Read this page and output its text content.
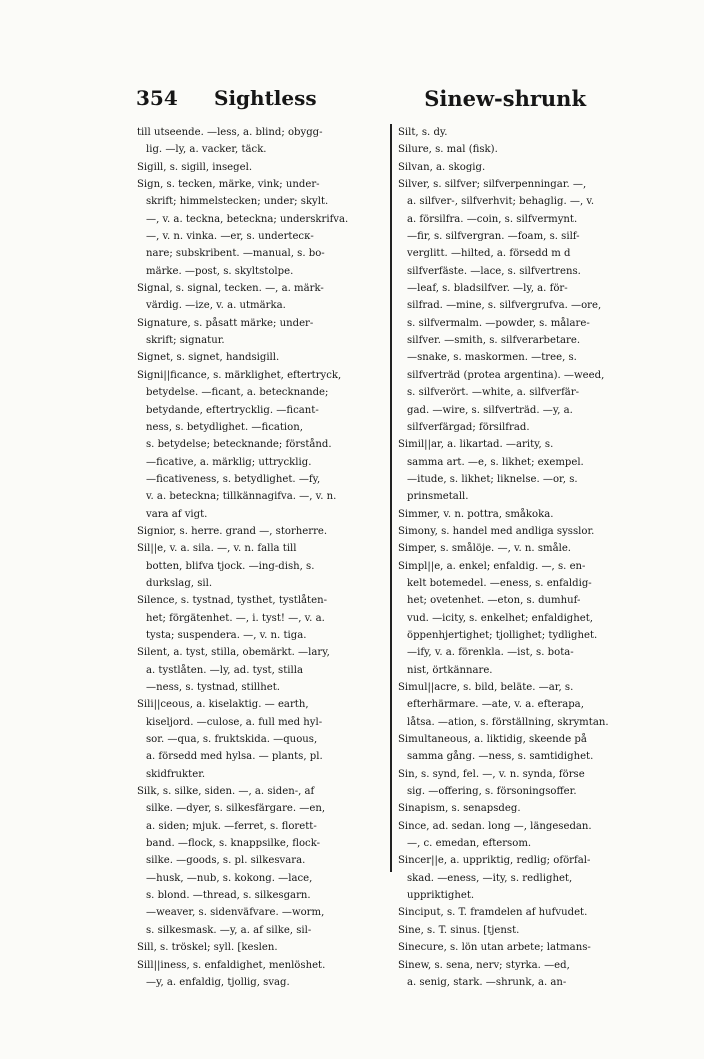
354 Sightless	Sinew-shrunk
till utseende. —less, a. blind; obygg-
lig. —ly, a. vacker, täck.
Sigill, s. sigill, insegel.
Sign, s. tecken, märke, vink; under-
skrift; himmelstecken; under; skylt.
—, v. a. teckna, beteckna; underskrifva.
—, v. n. vinka. —er, s. undertecк-
nare; subskribent. —manual, s. bo-
märke. —post, s. skyltstolpe.
Signal, s. signal, tecken. —, a. märk-
värdig. —ize, v. a. utmärka.
Signature, s. påsatt märke; under-
skrift; signatur.
Signet, s. signet, handsigill.
Signi||ficance, s. märklighet, eftertryck,
betydelse. —ficant, a. betecknande;
betydande, eftertrycklig. —ficant-
ness, s. betydlighet. —fication,
s. betydelse; betecknande; förstånd.
—ficative, a. märklig; uttrycklig.
—ficativeness, s. betydlighet. —fy,
v. a. beteckna; tillkännagifva. —, v. n.
vara af vigt.
Signior, s. herre. grand —, storherre.
Sil||e, v. a. sila. —, v. n. falla till
botten, blifva tjock. —ing-dish, s.
durkslag, sil.
Silence, s. tystnad, tysthet, tystlåten-
het; förgätenhet. —, i. tyst! —, v. a.
tysta; suspendera. —, v. n. tiga.
Silent, a. tyst, stilla, obemärkt. —lary,
a. tystlåten. —ly, ad. tyst, stilla
—ness, s. tystnad, stillhet.
Sili||ceous, a. kiselaktig. — earth,
kiseljord. —culose, a. full med hyl-
sor. —qua, s. fruktskida. —quous,
a. försedd med hylsa. — plants, pl.
skidfrukter.
Silk, s. silke, siden. —, a. siden-, af
silke. —dyer, s. silkesfärgare. —en,
a. siden; mjuk. —ferret, s. florett-
band. —flock, s. knappsilke, flock-
silke. —goods, s. pl. silkesvara.
—husk, —nub, s. kokong. —lace,
s. blond. —thread, s. silkesgarn.
—weaver, s. sidenväfvare. —worm,
s. silkesmask. —y, a. af silke, sil-
Sill, s. tröskel; syll. [keslen.
Sill||iness, s. enfaldighet, menlöshet.
—y, a. enfaldig, tjollig, svag.
Silt, s. dy.
Silure, s. mal (fisk).
Silvan, a. skogig.
Silver, s. silfver; silfverpenningar. —,
a. silfver-, silfverhvit; behaglig. —, v.
a. försilfra. —coin, s. silfvermynt.
—fir, s. silfvergran. —foam, s. silf-
verglitt. —hilted, a. försedd m d
silfverfäste. —lace, s. silfvertrens.
—leaf, s. bladsilfver. —ly, a. för-
silfrad. —mine, s. silfvergrufva. —ore,
s. silfvermalm. —powder, s. målare-
silfver. —smith, s. silfverarbetare.
—snake, s. maskormen. —tree, s.
silfverträd (protea argentina). —weed,
s. silfverört. —white, a. silfverfär-
gad. —wire, s. silfverträd. —y, a.
silfverfärgad; försilfrad.
Simil||ar, a. likartad. —arity, s.
samma art. —e, s. likhet; exempel.
—itude, s. likhet; liknelse. —or, s.
prinsmetall.
Simmer, v. n. pottra, småkoka.
Simony, s. handel med andliga sysslor.
Simper, s. smålöje. —, v. n. småle.
Simpl||e, a. enkel; enfaldig. —, s. en-
kelt botemedel. —eness, s. enfaldig-
het; ovetenhet. —eton, s. dumhuf-
vud. —icity, s. enkelhet; enfaldighet,
öppenhjertighet; tjollighet; tydlighet.
—ify, v. a. förenkla. —ist, s. bota-
nist, örtkännare.
Simul||acre, s. bild, beläte. —ar, s.
efterhärmare. —ate, v. a. efterapa,
låtsa. —ation, s. förställning, skrymtan.
Simultaneous, a. liktidig, skeende på
samma gång. —ness, s. samtidighet.
Sin, s. synd, fel. —, v. n. synda, förse
sig. —offering, s. försoningsoffer.
Sinapism, s. senapsdeg.
Since, ad. sedan. long —, längesedan.
—, c. emedan, eftersom.
Sincer||e, a. uppriktig, redlig; oförfal-
skad. —eness, —ity, s. redlighet,
uppriktighet.
Sinciput, s. T. framdelen af hufvudet.
Sine, s. T. sinus. [tjenst.
Sinecure, s. lön utan arbete; latmans-
Sinew, s. sena, nerv; styrka. —ed,
a. senig, stark. —shrunk, a. an-
